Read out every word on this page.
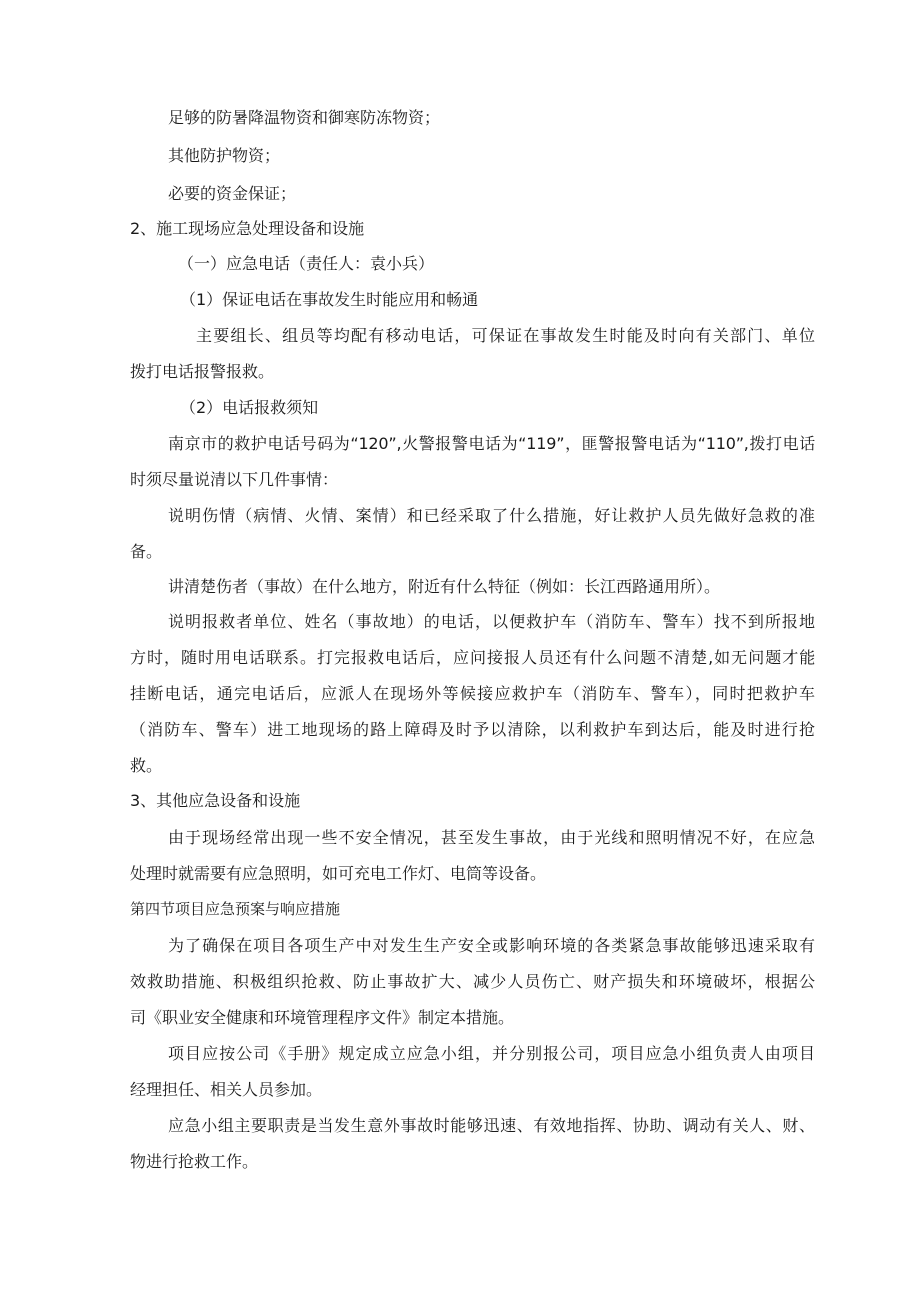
足够的防暑降温物资和御寒防冻物资；
其他防护物资；
必要的资金保证；
2、施工现场应急处理设备和设施
（一）应急电话（责任人：袁小兵）
（1）保证电话在事故发生时能应用和畅通
主要组长、组员等均配有移动电话，可保证在事故发生时能及时向有关部门、单位
拨打电话报警报救。
（2）电话报救须知
南京市的救护电话号码为“120”,火警报警电话为“119”，匪警报警电话为“110”,拨打电话
时须尽量说清以下几件事情：
说明伤情（病情、火情、案情）和已经采取了什么措施，好让救护人员先做好急救的准
备。
讲清楚伤者（事故）在什么地方，附近有什么特征（例如：长江西路通用所）。
说明报救者单位、姓名（事故地）的电话，以便救护车（消防车、警车）找不到所报地
方时，随时用电话联系。打完报救电话后，应问接报人员还有什么问题不清楚,如无问题才能
挂断电话，通完电话后，应派人在现场外等候接应救护车（消防车、警车），同时把救护车
（消防车、警车）进工地现场的路上障碍及时予以清除，以利救护车到达后，能及时进行抢
救。
3、其他应急设备和设施
由于现场经常出现一些不安全情况，甚至发生事故，由于光线和照明情况不好，在应急
处理时就需要有应急照明，如可充电工作灯、电筒等设备。
第四节项目应急预案与响应措施
为了确保在项目各项生产中对发生生产安全或影响环境的各类紧急事故能够迅速采取有
效救助措施、积极组织抢救、防止事故扩大、减少人员伤亡、财产损失和环境破坏，根据公
司《职业安全健康和环境管理程序文件》制定本措施。
项目应按公司《手册》规定成立应急小组，并分别报公司，项目应急小组负责人由项目
经理担任、相关人员参加。
应急小组主要职责是当发生意外事故时能够迅速、有效地指挥、协助、调动有关人、财、
物进行抢救工作。
